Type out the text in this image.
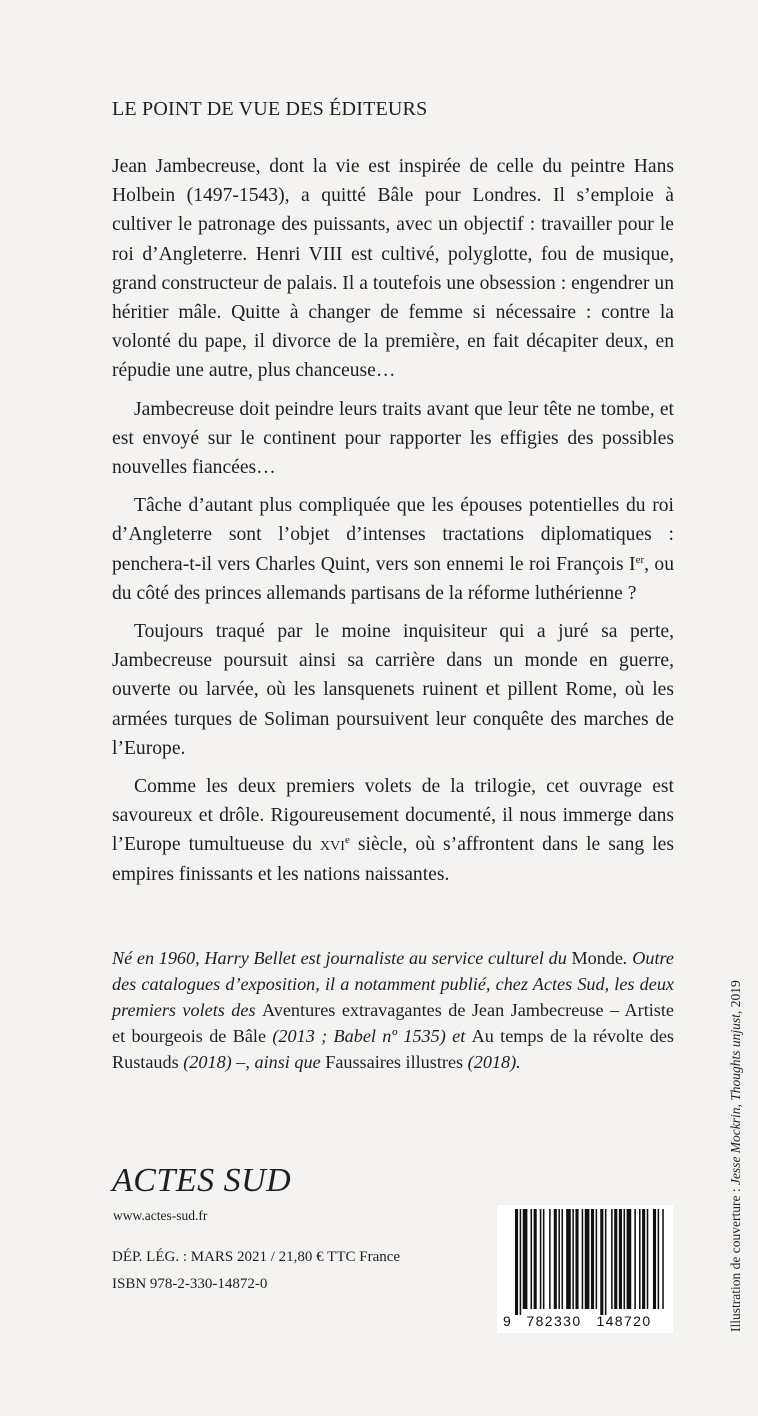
LE POINT DE VUE DES ÉDITEURS

Jean Jambecreuse, dont la vie est inspirée de celle du peintre Hans Holbein (1497-1543), a quitté Bâle pour Londres. Il s’emploie à cultiver le patronage des puissants, avec un objectif : travailler pour le roi d’Angleterre. Henri VIII est cultivé, polyglotte, fou de musique, grand constructeur de palais. Il a toutefois une obsession : engendrer un héritier mâle. Quitte à changer de femme si nécessaire : contre la volonté du pape, il divorce de la première, en fait décapiter deux, en répudie une autre, plus chanceuse…

Jambecreuse doit peindre leurs traits avant que leur tête ne tombe, et est envoyé sur le continent pour rapporter les effigies des possibles nouvelles fiancées…

Tâche d’autant plus compliquée que les épouses potentielles du roi d’Angleterre sont l’objet d’intenses tractations diplomatiques : penchera-t-il vers Charles Quint, vers son ennemi le roi François Ier, ou du côté des princes allemands partisans de la réforme luthérienne ?

Toujours traqué par le moine inquisiteur qui a juré sa perte, Jambecreuse poursuit ainsi sa carrière dans un monde en guerre, ouverte ou larvée, où les lansquenets ruinent et pillent Rome, où les armées turques de Soliman poursuivent leur conquête des marches de l’Europe.

Comme les deux premiers volets de la trilogie, cet ouvrage est savoureux et drôle. Rigoureusement documenté, il nous immerge dans l’Europe tumultueuse du xvi$^e$ siècle, où s’affrontent dans le sang les empires finissants et les nations naissantes.

Né en 1960, Harry Bellet est journaliste au service culturel du Monde. Outre des catalogues d’exposition, il a notamment publié, chez Actes Sud, les deux premiers volets des Aventures extravagantes de Jean Jambecreuse – Artiste et bourgeois de Bâle (2013 ; Babel nº 1535) et Au temps de la révolte des Rustauds (2018) –, ainsi que Faussaires illustres (2018).
ACTES SUD
www.actes-sud.fr
DÉP. LÉG. : MARS 2021 / 21,80 € TTC France
ISBN 978-2-330-14872-0
9 782330 148720	Illustration de couverture : Jesse Mockrin, Thoughts unjust, 2019
